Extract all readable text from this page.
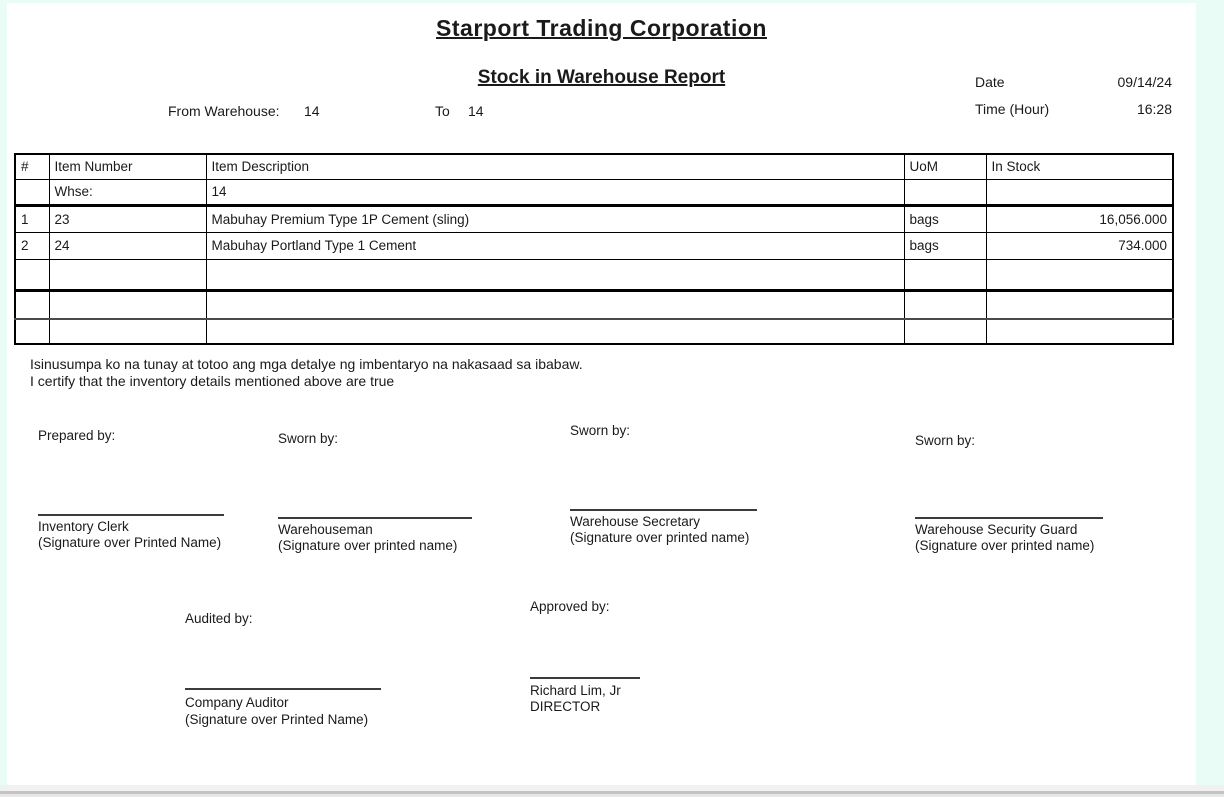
Starport Trading Corporation
Stock in Warehouse Report	Date	09/14/24
Time (Hour)	16:28
From Warehouse: 14	To 14
#	Item Number	Item Description	UoM	In Stock
	Whse:	14		
1	23	Mabuhay Premium Type 1P Cement (sling)	bags	16,056.000
2	24	Mabuhay Portland Type 1 Cement	bags	734.000

Isinusumpa ko na tunay at totoo ang mga detalye ng imbentaryo na nakasaad sa ibabaw.
I certify that the inventory details mentioned above are true
Prepared by:	Sworn by:
Sworn by:
Sworn by:
Inventory Clerk
(Signature over Printed Name)
Warehouseman
(Signature over printed name)
Warehouse Secretary
(Signature over printed name)
Warehouse Security Guard
(Signature over printed name)
Audited by:
Approved by:
Company Auditor
(Signature over Printed Name)
Richard Lim, Jr
DIRECTOR
